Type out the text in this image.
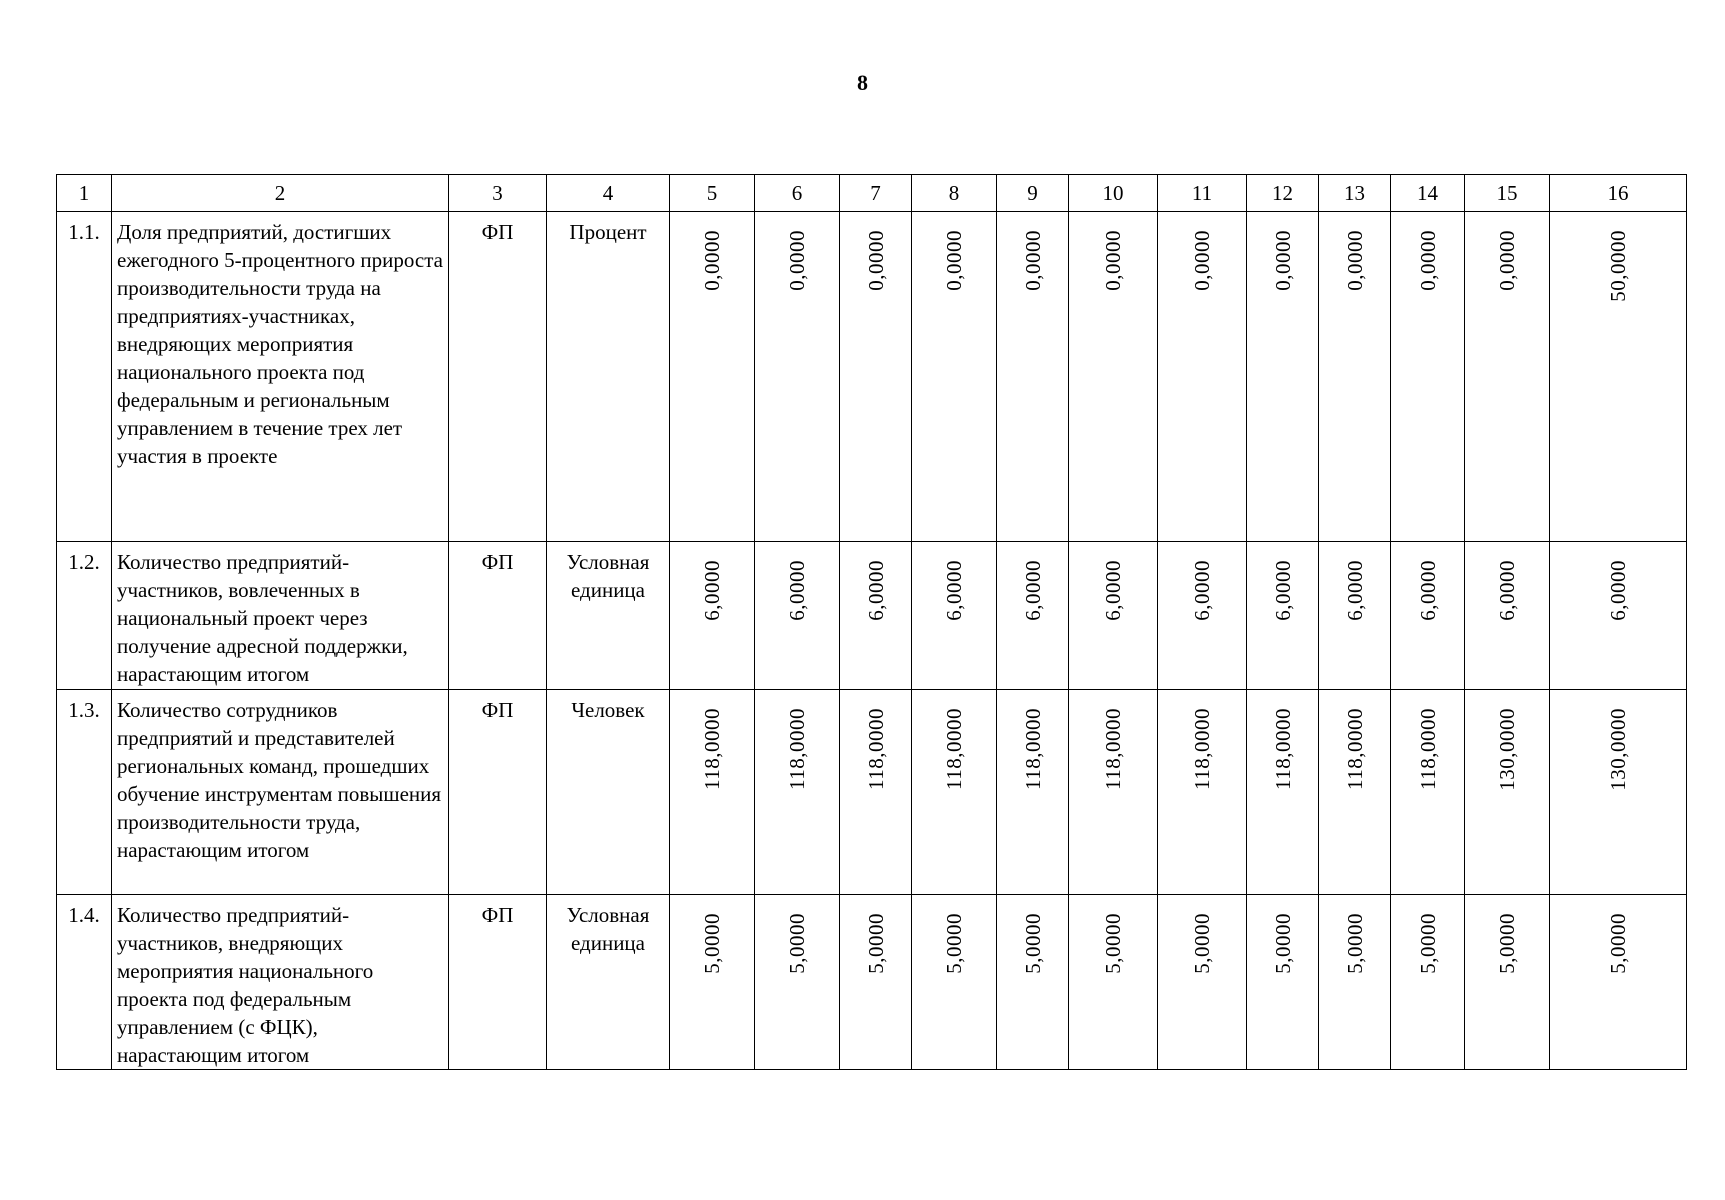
8
1	2	3	4	5	6	7	8	9	10	11	12	13	14	15	16
1.1.	Доля предприятий, достигших ежегодного 5-процентного прироста производительности труда на предприятиях-участниках, внедряющих мероприятия национального проекта под федеральным и региональным управлением в течение трех лет участия в проекте	ФП	Процент	0,0000	0,0000	0,0000	0,0000	0,0000	0,0000	0,0000	0,0000	0,0000	0,0000	0,0000	50,0000

1.2.	Количество предприятий-участников, вовлеченных в национальный проект через получение адресной поддержки, нарастающим итогом	ФП	Условная единица	6,0000	6,0000	6,0000	6,0000	6,0000	6,0000	6,0000	6,0000	6,0000	6,0000	6,0000	6,0000

1.3.	Количество сотрудников предприятий и представителей региональных команд, прошедших обучение инструментам повышения производительности труда, нарастающим итогом	ФП	Человек	118,0000	118,0000	118,0000	118,0000	118,0000	118,0000	118,0000	118,0000	118,0000	118,0000	130,0000	130,0000

1.4.	Количество предприятий-участников, внедряющих мероприятия национального проекта под федеральным управлением (с ФЦК), нарастающим итогом	ФП	Условная единица	5,0000	5,0000	5,0000	5,0000	5,0000	5,0000	5,0000	5,0000	5,0000	5,0000	5,0000	5,0000
